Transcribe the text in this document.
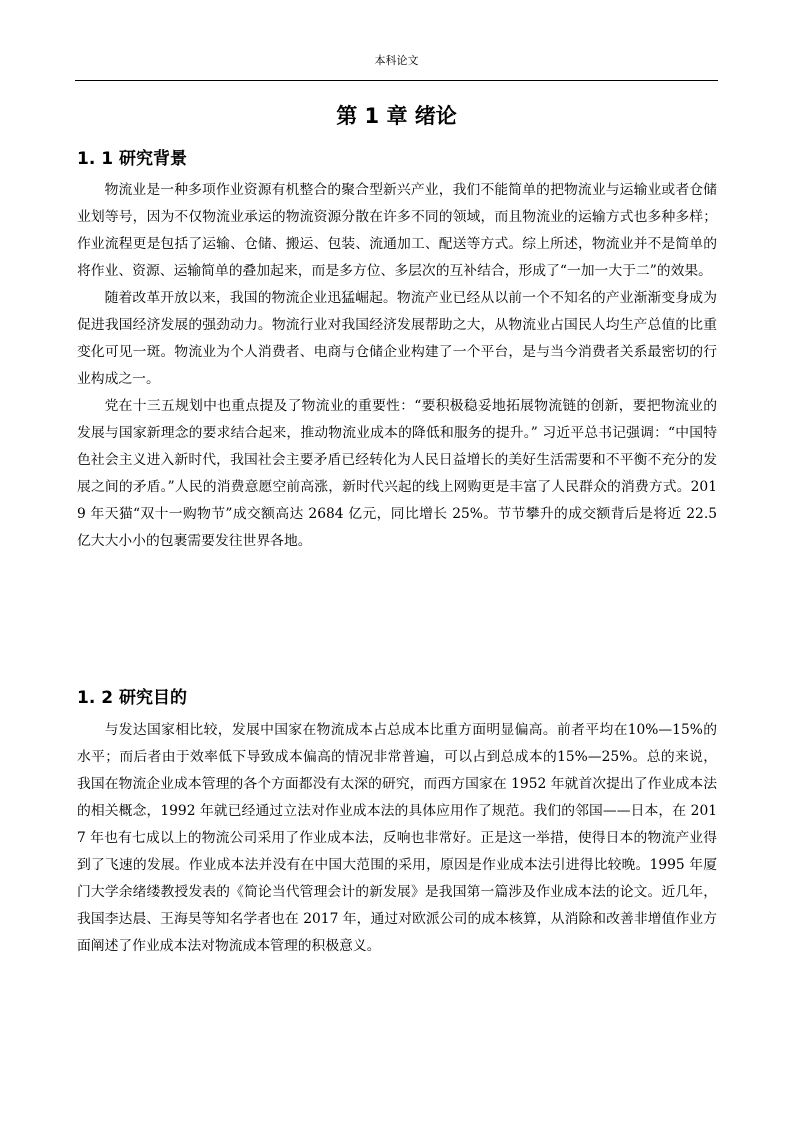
本科论文
第 1 章 绪论
1. 1 研究背景

物流业是一种多项作业资源有机整合的聚合型新兴产业，我们不能简单的把物流业与运输业或者仓储业划等号，因为不仅物流业承运的物流资源分散在许多不同的领域，而且物流业的运输方式也多种多样；作业流程更是包括了运输、仓储、搬运、包装、流通加工、配送等方式。综上所述，物流业并不是简单的将作业、资源、运输简单的叠加起来，而是多方位、多层次的互补结合，形成了“一加一大于二”的效果。

随着改革开放以来，我国的物流企业迅猛崛起。物流产业已经从以前一个不知名的产业渐渐变身成为促进我国经济发展的强劲动力。物流行业对我国经济发展帮助之大，从物流业占国民人均生产总值的比重变化可见一斑。物流业为个人消费者、电商与仓储企业构建了一个平台，是与当今消费者关系最密切的行业构成之一。

党在十三五规划中也重点提及了物流业的重要性：“要积极稳妥地拓展物流链的创新，要把物流业的发展与国家新理念的要求结合起来，推动物流业成本的降低和服务的提升。” 习近平总书记强调：“中国特色社会主义进入新时代，我国社会主要矛盾已经转化为人民日益增长的美好生活需要和不平衡不充分的发展之间的矛盾。”人民的消费意愿空前高涨，新时代兴起的线上网购更是丰富了人民群众的消费方式。2019 年天猫“双十一购物节”成交额高达 2684 亿元，同比增长 25%。节节攀升的成交额背后是将近 22.5 亿大大小小的包裹需要发往世界各地。

1. 2 研究目的

与发达国家相比较，发展中国家在物流成本占总成本比重方面明显偏高。前者平均在10%—15%的水平；而后者由于效率低下导致成本偏高的情况非常普遍，可以占到总成本的15%—25%。总的来说，我国在物流企业成本管理的各个方面都没有太深的研究，而西方国家在 1952 年就首次提出了作业成本法的相关概念，1992 年就已经通过立法对作业成本法的具体应用作了规范。我们的邻国——日本，在 2017 年也有七成以上的物流公司采用了作业成本法，反响也非常好。正是这一举措，使得日本的物流产业得到了飞速的发展。作业成本法并没有在中国大范围的采用，原因是作业成本法引进得比较晚。1995 年厦门大学余绪缕教授发表的《简论当代管理会计的新发展》是我国第一篇涉及作业成本法的论文。近几年，我国李达晨、王海昊等知名学者也在 2017 年，通过对欧派公司的成本核算，从消除和改善非增值作业方面阐述了作业成本法对物流成本管理的积极意义。
